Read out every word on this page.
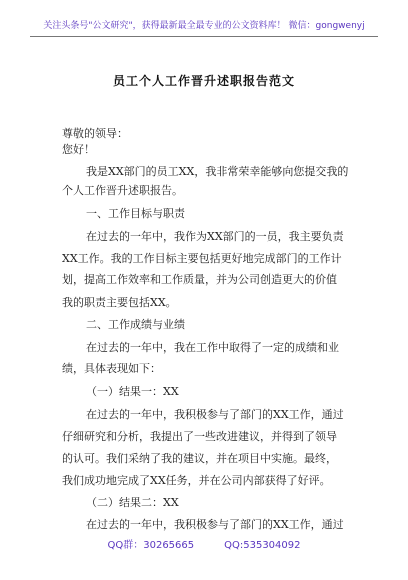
关注头条号"公文研究"，获得最新最全最专业的公文资料库！ 微信：gongwenyj
员工个人工作晋升述职报告范文
尊敬的领导：
您好！
我是XX部门的员工XX，我非常荣幸能够向您提交我的
个人工作晋升述职报告。
一、工作目标与职责
在过去的一年中，我作为XX部门的一员，我主要负责
XX工作。我的工作目标主要包括更好地完成部门的工作计
划，提高工作效率和工作质量，并为公司创造更大的价值
我的职责主要包括XX。
二、工作成绩与业绩
在过去的一年中，我在工作中取得了一定的成绩和业
绩，具体表现如下：
（一）结果一：XX
在过去的一年中，我积极参与了部门的XX工作，通过
仔细研究和分析，我提出了一些改进建议，并得到了领导
的认可。我们采纳了我的建议，并在项目中实施。最终，
我们成功地完成了XX任务，并在公司内部获得了好评。
（二）结果二：XX
在过去的一年中，我积极参与了部门的XX工作，通过
QQ群：30265665	QQ:535304092
